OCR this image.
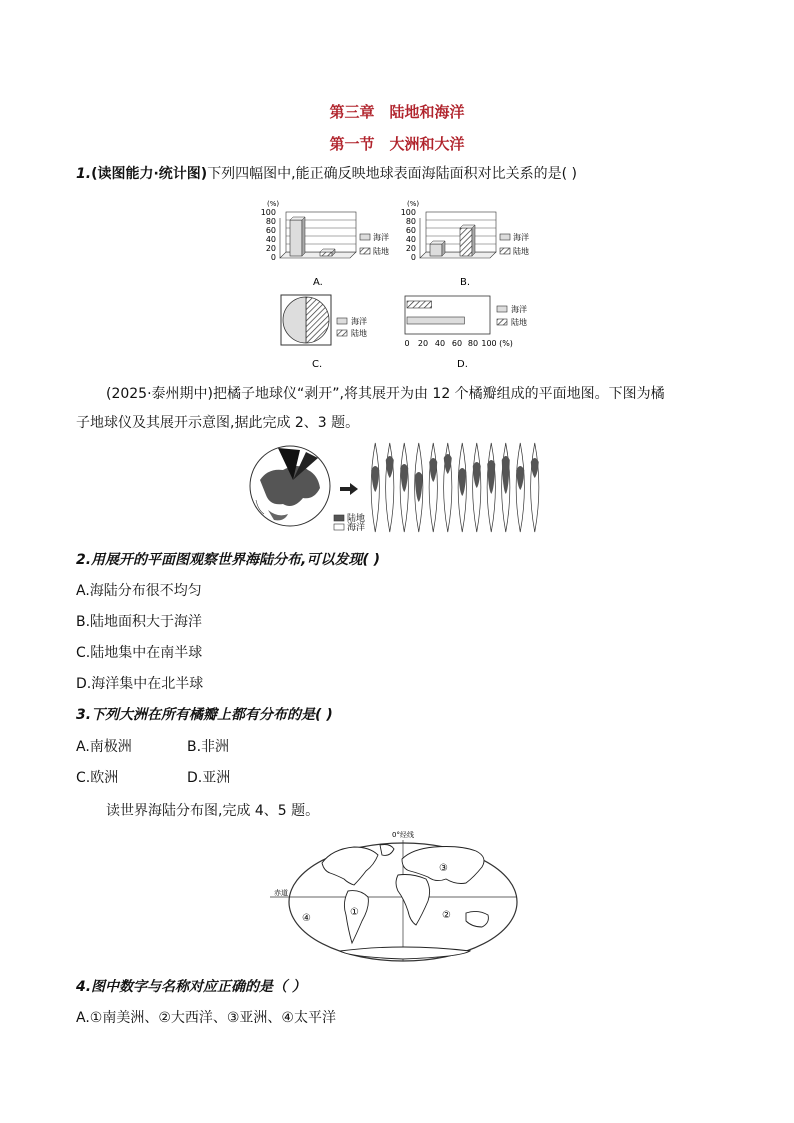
第三章　陆地和海洋
第一节　大洲和大洋
1.(读图能力·统计图)下列四幅图中,能正确反映地球表面海陆面积对比关系的是( )
(%)
100
80
60
40
20
0
海洋
陆地
A.
(%)
100
80
60
40
20
0
海洋
陆地
B.
海洋
陆地
C.
0 20 40 60 80 100 (%)
海洋
陆地
D.
(2025·泰州期中)把橘子地球仪“剥开”,将其展开为由 12 个橘瓣组成的平面地图。下图为橘
子地球仪及其展开示意图,据此完成 2、3 题。
陆地
海洋
2.用展开的平面图观察世界海陆分布,可以发现( )
A.海陆分布很不均匀
B.陆地面积大于海洋
C.陆地集中在南半球
D.海洋集中在北半球
3.下列大洲在所有橘瓣上都有分布的是( )
A.南极洲	B.非洲
C.欧洲	D.亚洲
读世界海陆分布图,完成 4、5 题。
0°经线
赤道
③
④
①	②
4.图中数字与名称对应正确的是（ ）
A.①南美洲、②大西洋、③亚洲、④太平洋
